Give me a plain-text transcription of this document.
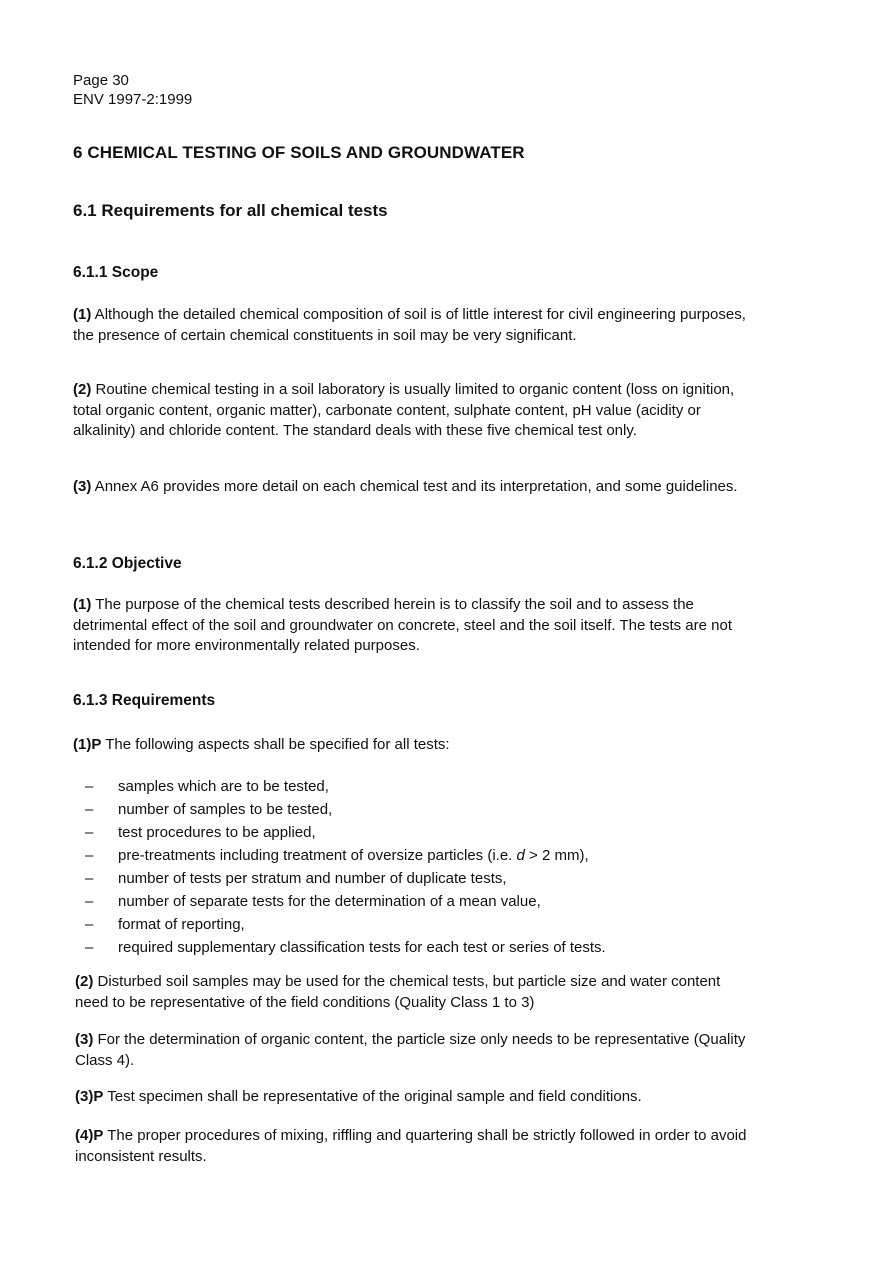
Page 30
ENV 1997-2:1999
6 CHEMICAL TESTING OF SOILS AND GROUNDWATER
6.1 Requirements for all chemical tests
6.1.1 Scope

(1) Although the detailed chemical composition of soil is of little interest for civil engineering purposes, the presence of certain chemical constituents in soil may be very significant.

(2) Routine chemical testing in a soil laboratory is usually limited to organic content (loss on ignition, total organic content, organic matter), carbonate content, sulphate content, pH value (acidity or alkalinity) and chloride content. The standard deals with these five chemical test only.

(3) Annex A6 provides more detail on each chemical test and its interpretation, and some guidelines.

6.1.2 Objective

(1) The purpose of the chemical tests described herein is to classify the soil and to assess the detrimental effect of the soil and groundwater on concrete, steel and the soil itself. The tests are not intended for more environmentally related purposes.

6.1.3 Requirements

(1)P The following aspects shall be specified for all tests:

– samples which are to be tested,
– number of samples to be tested,
– test procedures to be applied,
– pre-treatments including treatment of oversize particles (i.e. d > 2 mm),
– number of tests per stratum and number of duplicate tests,
– number of separate tests for the determination of a mean value,
– format of reporting,
– required supplementary classification tests for each test or series of tests.

(2) Disturbed soil samples may be used for the chemical tests, but particle size and water content need to be representative of the field conditions (Quality Class 1 to 3)

(3) For the determination of organic content, the particle size only needs to be representative (Quality Class 4).

(3)P Test specimen shall be representative of the original sample and field conditions.

(4)P The proper procedures of mixing, riffling and quartering shall be strictly followed in order to avoid inconsistent results.
